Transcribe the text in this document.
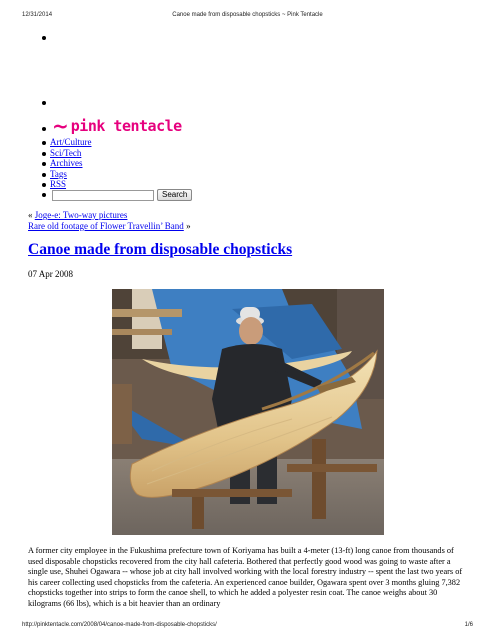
12/31/2014	Canoe made from disposable chopsticks ~ Pink Tentacle
~ pink tentacle
Art/Culture
Sci/Tech
Archives
Tags
RSS
Search
« Joge-e: Two-way pictures
Rare old footage of Flower Travellin’ Band »
Canoe made from disposable chopsticks
07 Apr 2008

A former city employee in the Fukushima prefecture town of Koriyama has built a 4-meter (13-ft) long canoe from thousands of used disposable chopsticks recovered from the city hall cafeteria. Bothered that perfectly good wood was going to waste after a single use, Shuhei Ogawara -- whose job at city hall involved working with the local forestry industry -- spent the last two years of his career collecting used chopsticks from the cafeteria. An experienced canoe builder, Ogawara spent over 3 months gluing 7,382 chopsticks together into strips to form the canoe shell, to which he added a polyester resin coat. The canoe weighs about 30 kilograms (66 lbs), which is a bit heavier than an ordinary

http://pinktentacle.com/2008/04/canoe-made-from-disposable-chopsticks/	1/6
